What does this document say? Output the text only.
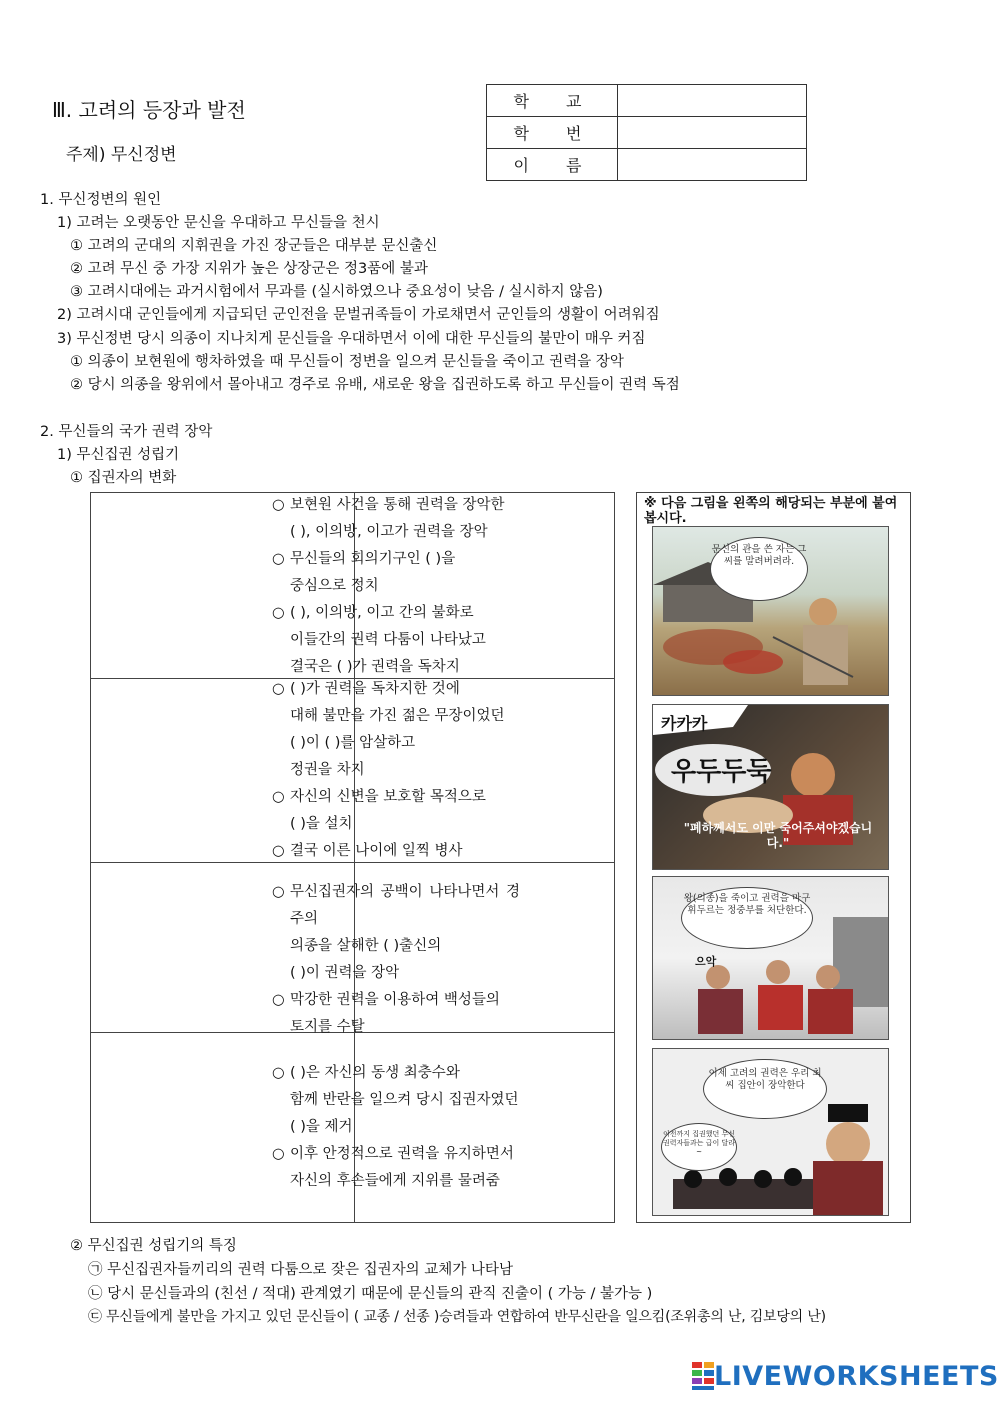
Ⅲ. 고려의 등장과 발전
주제) 무신정변
학 교	
학 번	
이 름	
1. 무신정변의 원인
1) 고려는 오랫동안 문신을 우대하고 무신들을 천시
① 고려의 군대의 지휘권을 가진 장군들은 대부분 문신출신
② 고려 무신 중 가장 지위가 높은 상장군은 정3품에 불과
③ 고려시대에는 과거시험에서 무과를 (실시하였으나 중요성이 낮음 / 실시하지 않음)
2) 고려시대 군인들에게 지급되던 군인전을 문벌귀족들이 가로채면서 군인들의 생활이 어려워짐
3) 무신정변 당시 의종이 지나치게 문신들을 우대하면서 이에 대한 무신들의 불만이 매우 커짐
① 의종이 보현원에 행차하였을 때 무신들이 정변을 일으켜 문신들을 죽이고 권력을 장악
② 당시 의종을 왕위에서 몰아내고 경주로 유배, 새로운 왕을 집권하도록 하고 무신들이 권력 독점
2. 무신들의 국가 권력 장악
1) 무신집권 성립기
① 집권자의 변화
○ 보현원 사건을 통해 권력을 장악한
( ), 이의방, 이고가 권력을 장악
○ 무신들의 회의기구인 ( )을
중심으로 정치
○ ( ), 이의방, 이고 간의 불화로
이들간의 권력 다툼이 나타났고
결국은 ( )가 권력을 독차지
○ ( )가 권력을 독차지한 것에
대해 불만을 가진 젊은 무장이었던
( )이 ( )를 암살하고
정권을 차지
○ 자신의 신변을 보호할 목적으로
( )을 설치
○ 결국 이른 나이에 일찍 병사
○ 무신집권자의 공백이 나타나면서 경주의
의종을 살해한 ( )출신의
( )이 권력을 장악
○ 막강한 권력을 이용하여 백성들의
토지를 수탈
○ ( )은 자신의 동생 최충수와
함께 반란을 일으켜 당시 집권자였던
( )을 제거
○ 이후 안정적으로 권력을 유지하면서
자신의 후손들에게 지위를 물려줌
※ 다음 그림을 왼쪽의 해당되는 부분에 붙여 봅시다.
문신의 관을 쓴 자는 그 씨를 말려버려라.
카카카
우두두둑
"폐하께서도 이만 죽어주셔야겠습니다."
왕(의종)을 죽이고 권력을 마구 휘두르는 정중부를 처단한다.
으악
이제 고려의 권력은 우리 최씨 집안이 장악한다
이전까지 집권했던 무신 권력자들과는 급이 달라~
② 무신집권 성립기의 특징
㉠ 무신집권자들끼리의 권력 다툼으로 잦은 집권자의 교체가 나타남
㉡ 당시 문신들과의 (친선 / 적대) 관계였기 때문에 문신들의 관직 진출이 ( 가능 / 불가능 )
㉢ 무신들에게 불만을 가지고 있던 문신들이 ( 교종 / 선종 )승려들과 연합하여 반무신란을 일으킴(조위총의 난, 김보당의 난)
LIVEWORKSHEETS
